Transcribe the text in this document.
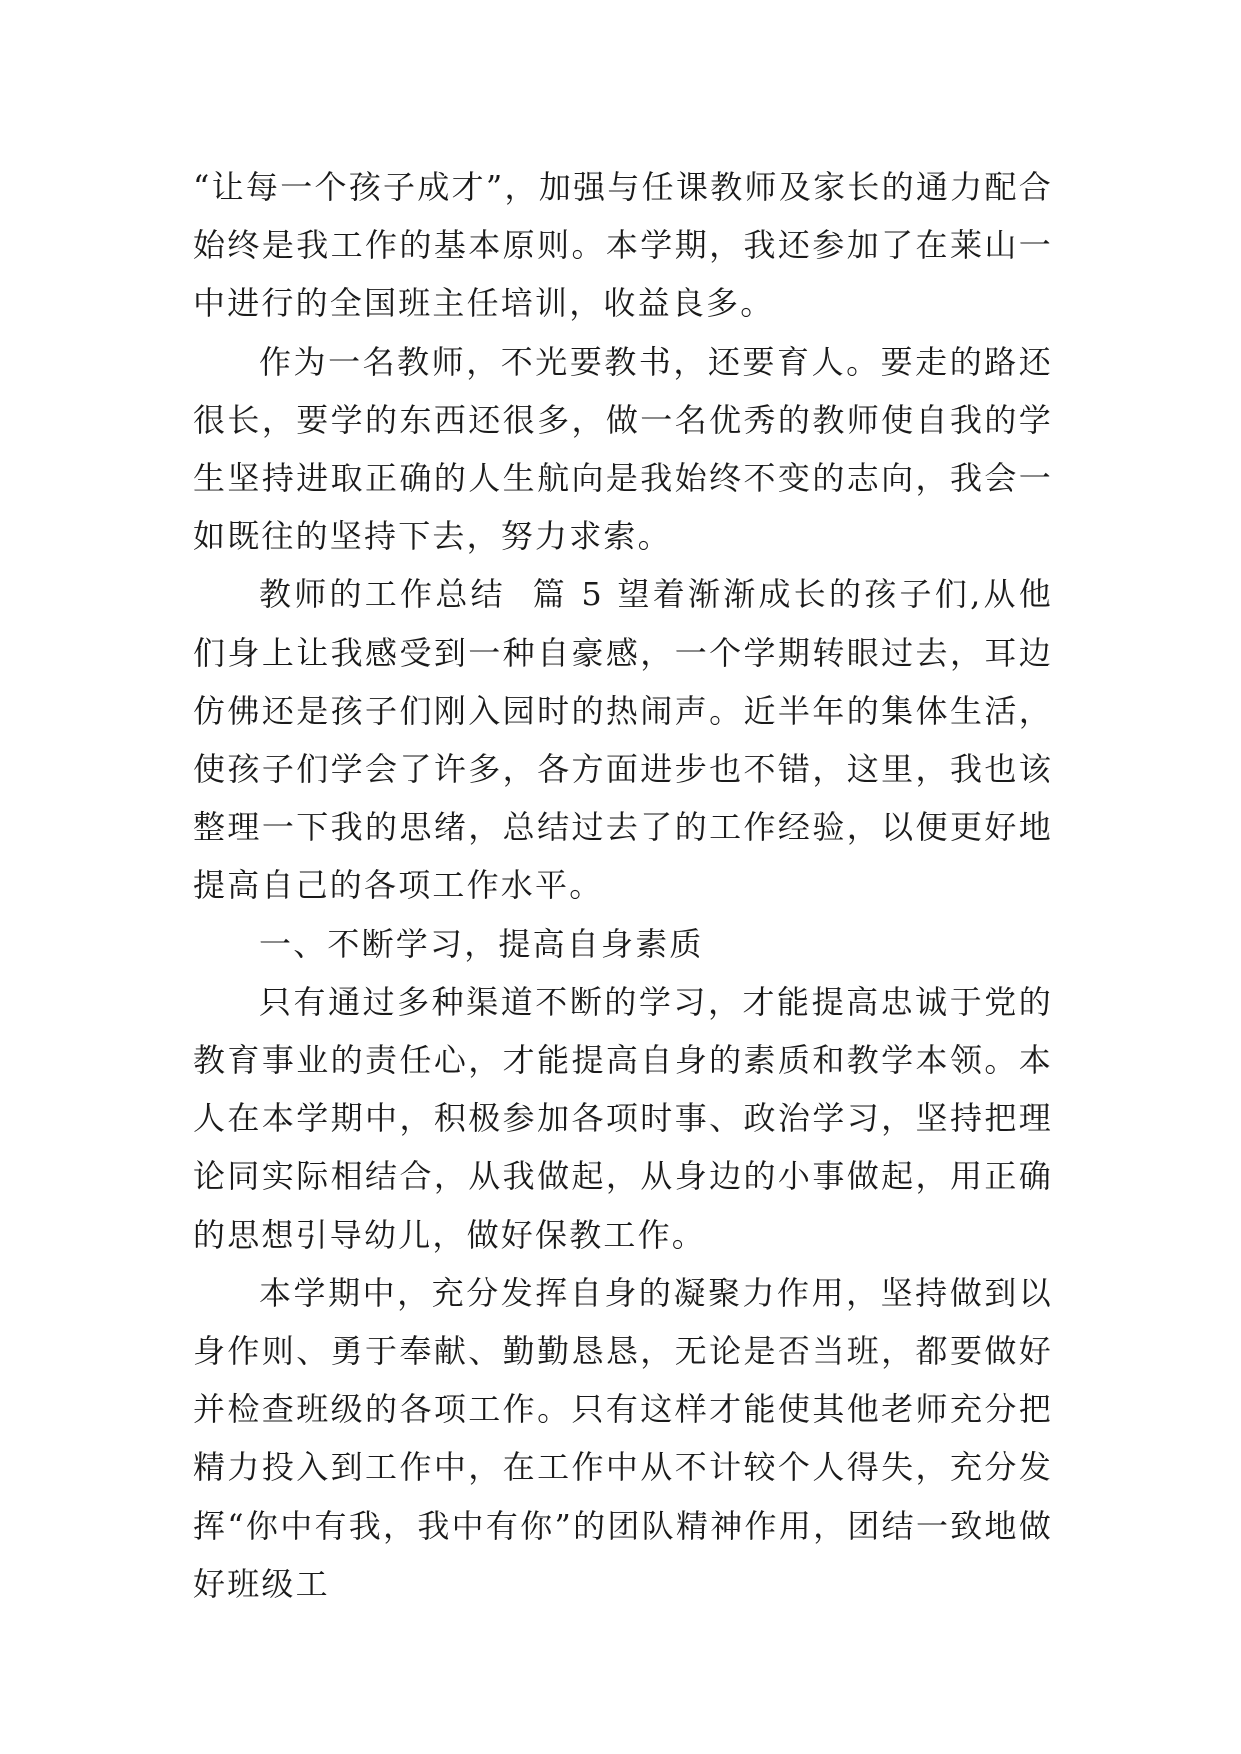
“让每一个孩子成才”，加强与任课教师及家长的通力配合始终是我工作的基本原则。本学期，我还参加了在莱山一中进行的全国班主任培训，收益良多。

作为一名教师，不光要教书，还要育人。要走的路还很长，要学的东西还很多，做一名优秀的教师使自我的学生坚持进取正确的人生航向是我始终不变的志向，我会一如既往的坚持下去，努力求索。

教师的工作总结  篇 5 望着渐渐成长的孩子们,从他们身上让我感受到一种自豪感，一个学期转眼过去，耳边仿佛还是孩子们刚入园时的热闹声。近半年的集体生活，使孩子们学会了许多，各方面进步也不错，这里，我也该整理一下我的思绪，总结过去了的工作经验，以便更好地提高自己的各项工作水平。

一、不断学习，提高自身素质

只有通过多种渠道不断的学习，才能提高忠诚于党的教育事业的责任心，才能提高自身的素质和教学本领。本人在本学期中，积极参加各项时事、政治学习，坚持把理论同实际相结合，从我做起，从身边的小事做起，用正确的思想引导幼儿，做好保教工作。

本学期中，充分发挥自身的凝聚力作用，坚持做到以身作则、勇于奉献、勤勤恳恳，无论是否当班，都要做好并检查班级的各项工作。只有这样才能使其他老师充分把精力投入到工作中，在工作中从不计较个人得失，充分发挥“你中有我，我中有你”的团队精神作用，团结一致地做好班级工
